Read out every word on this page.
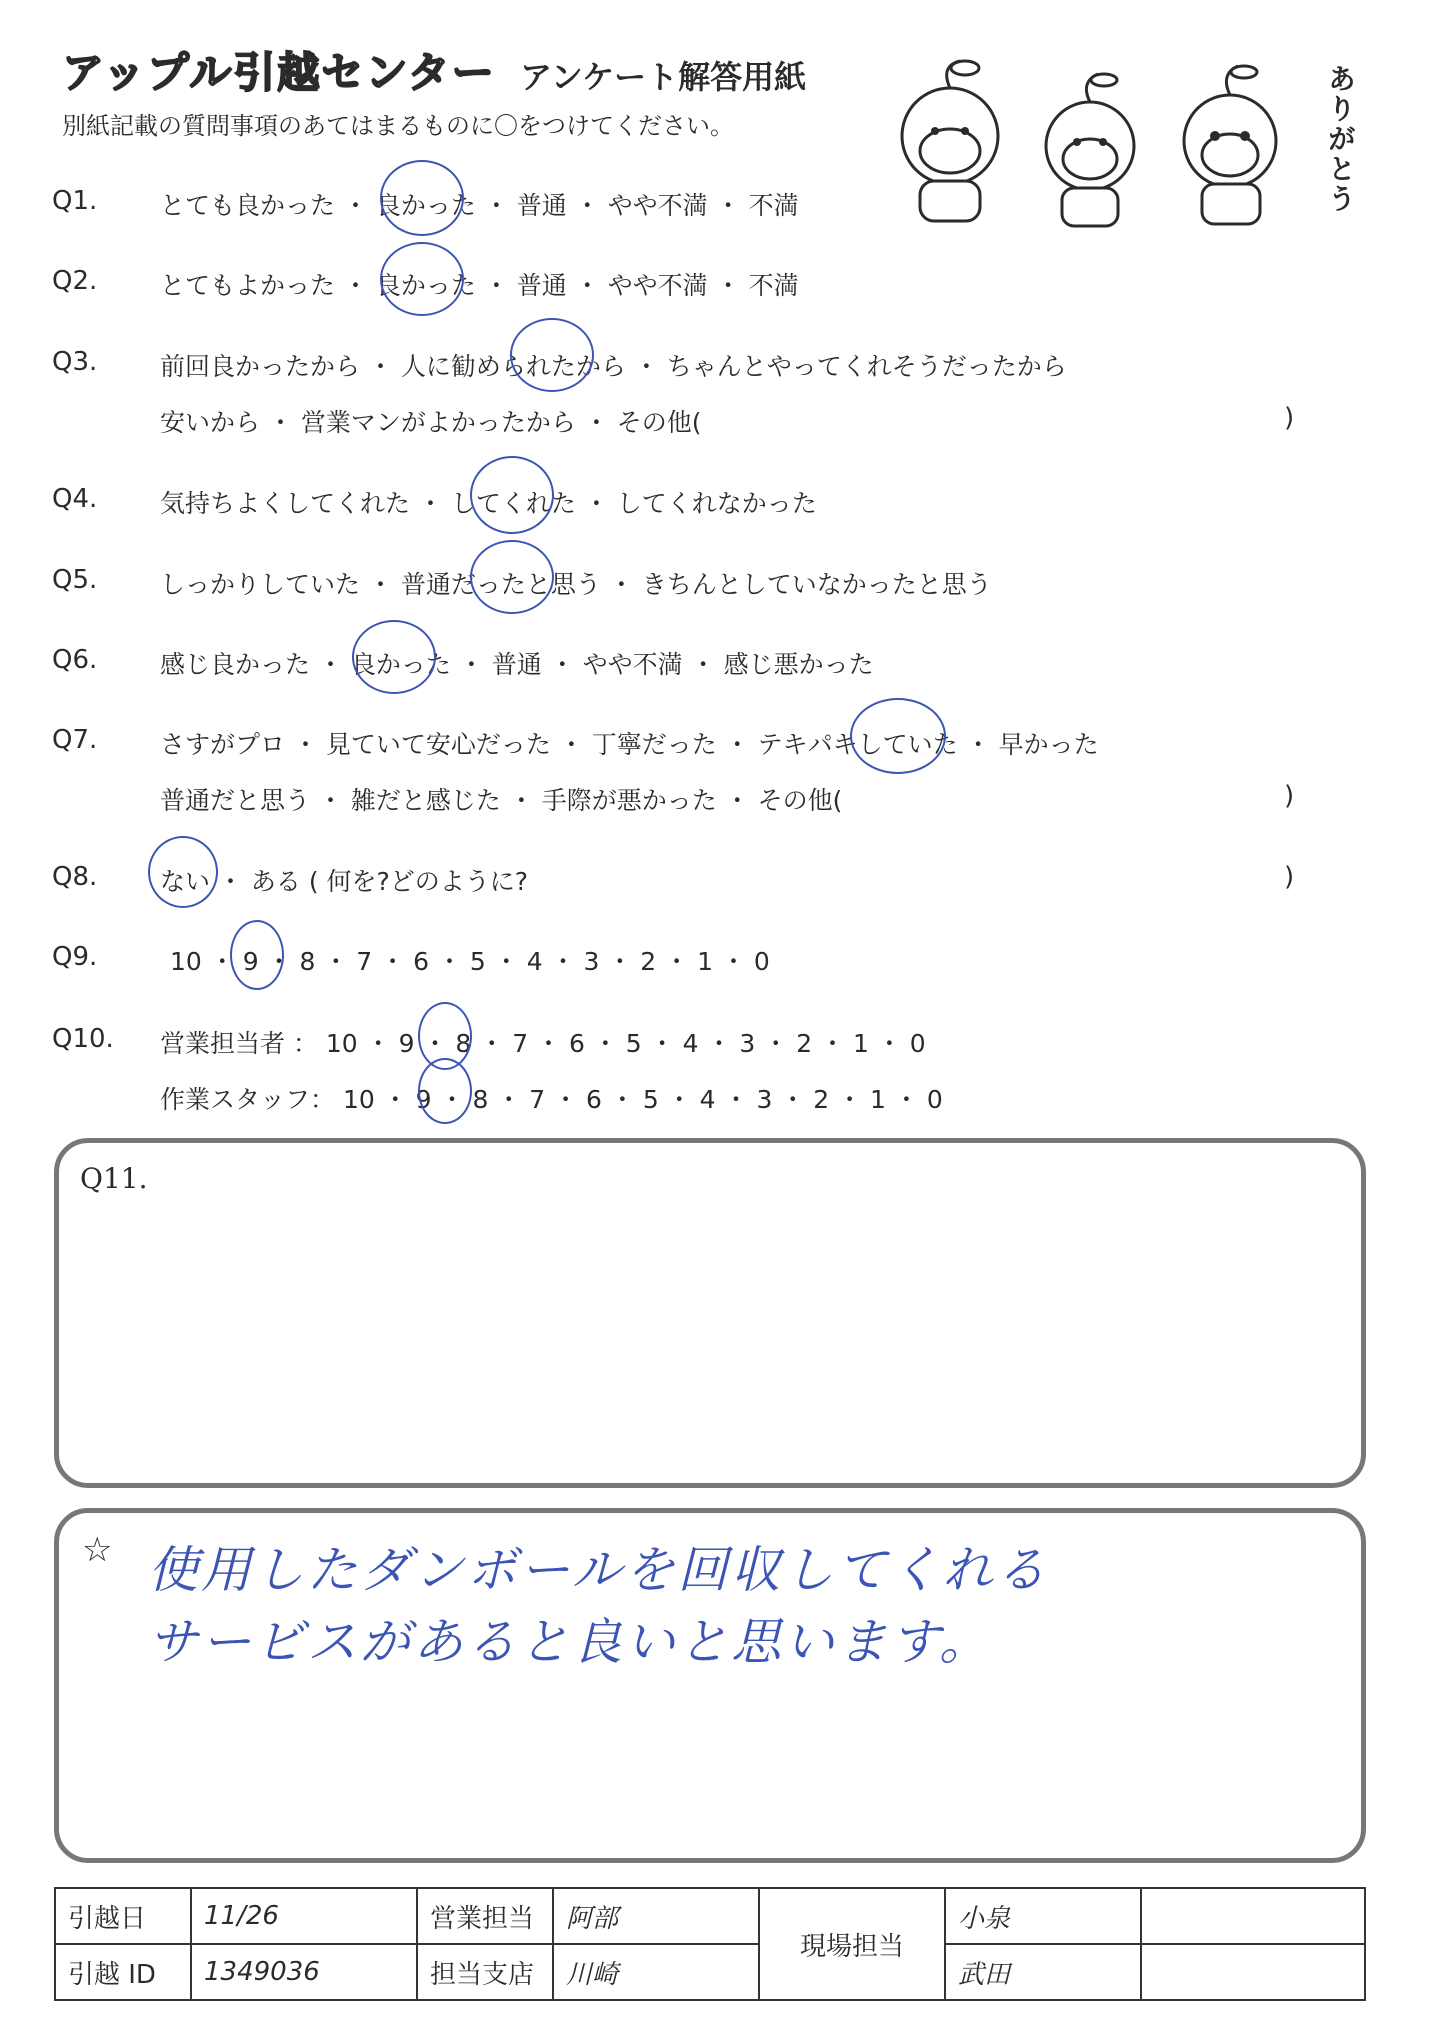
アップル引越センター アンケート解答用紙
別紙記載の質問事項のあてはまるものに〇をつけてください。	ありがとう
Q1.	とても良かった ・ 良かった ・ 普通 ・ やや不満 ・ 不満
Q2.	とてもよかった ・ 良かった ・ 普通 ・ やや不満 ・ 不満
Q3.	前回良かったから ・ 人に勧められたから ・ ちゃんとやってくれそうだったから
安いから ・ 営業マンがよかったから ・ その他(	)
Q4.	気持ちよくしてくれた ・ してくれた ・ してくれなかった
Q5.	しっかりしていた ・ 普通だったと思う ・ きちんとしていなかったと思う
Q6.	感じ良かった ・ 良かった ・ 普通 ・ やや不満 ・ 感じ悪かった
Q7.	さすがプロ ・ 見ていて安心だった ・ 丁寧だった ・ テキパキしていた ・ 早かった
普通だと思う ・ 雑だと感じた ・ 手際が悪かった ・ その他(	)
Q8.	ない ・ ある ( 何を?どのように?	)
Q9.	10 ・ 9 ・ 8 ・ 7 ・ 6 ・ 5 ・ 4 ・ 3 ・ 2 ・ 1 ・ 0
Q10. 営業担当者 ： 10 ・ 9 ・ 8 ・ 7 ・ 6 ・ 5 ・ 4 ・ 3 ・ 2 ・ 1 ・ 0
作業スタッフ： 10 ・ 9 ・ 8 ・ 7 ・ 6 ・ 5 ・ 4 ・ 3 ・ 2 ・ 1 ・ 0
Q11.
☆ 使用したダンボールを回収してくれる
サービスがあると良いと思います。
引越日	11/26	営業担当	阿部	現場担当	小泉	
引越 ID	1349036	担当支店	川崎		武田	
